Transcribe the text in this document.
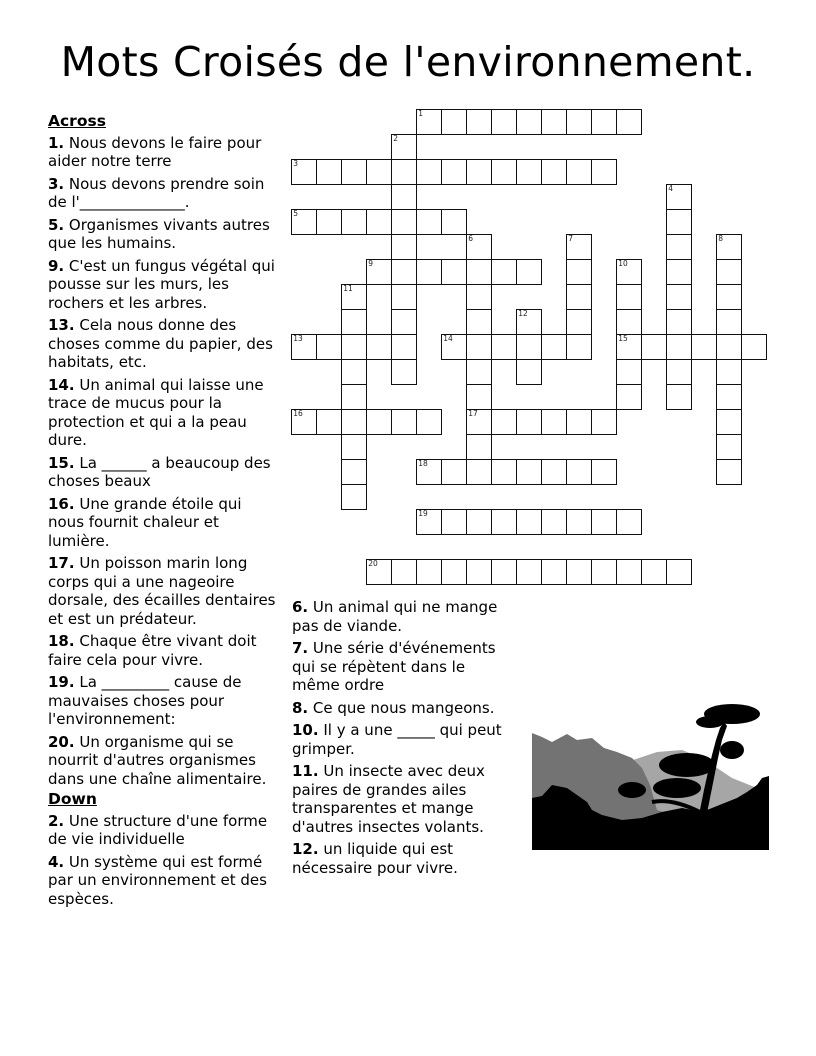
Mots Croisés de l'environnement.
1
2
3
4
5
6
17
7	8
9	10
15
11
12
13	14
16
18
19
20
Across
1. Nous devons le faire pour aider notre terre
3. Nous devons prendre soin de l'______________.
5. Organismes vivants autres que les humains.
9. C'est un fungus végétal qui pousse sur les murs, les rochers et les arbres.
13. Cela nous donne des choses comme du papier, des habitats, etc.
14. Un animal qui laisse une trace de mucus pour la protection et qui a la peau dure.
15. La ______ a beaucoup des choses beaux
16. Une grande étoile qui nous fournit chaleur et lumière.
17. Un poisson marin long corps qui a une nageoire dorsale, des écailles dentaires et est un prédateur.
18. Chaque être vivant doit faire cela pour vivre.
19. La _________ cause de mauvaises choses pour l'environnement:
20. Un organisme qui se nourrit d'autres organismes dans une chaîne alimentaire.
Down
2. Une structure d'une forme de vie individuelle
4. Un système qui est formé par un environnement et des espèces.
6. Un animal qui ne mange pas de viande.
7. Une série d'événements qui se répètent dans le même ordre
8. Ce que nous mangeons.
10. Il y a une _____ qui peut grimper.
11. Un insecte avec deux paires de grandes ailes transparentes et mange d'autres insectes volants.
12. un liquide qui est nécessaire pour vivre.
